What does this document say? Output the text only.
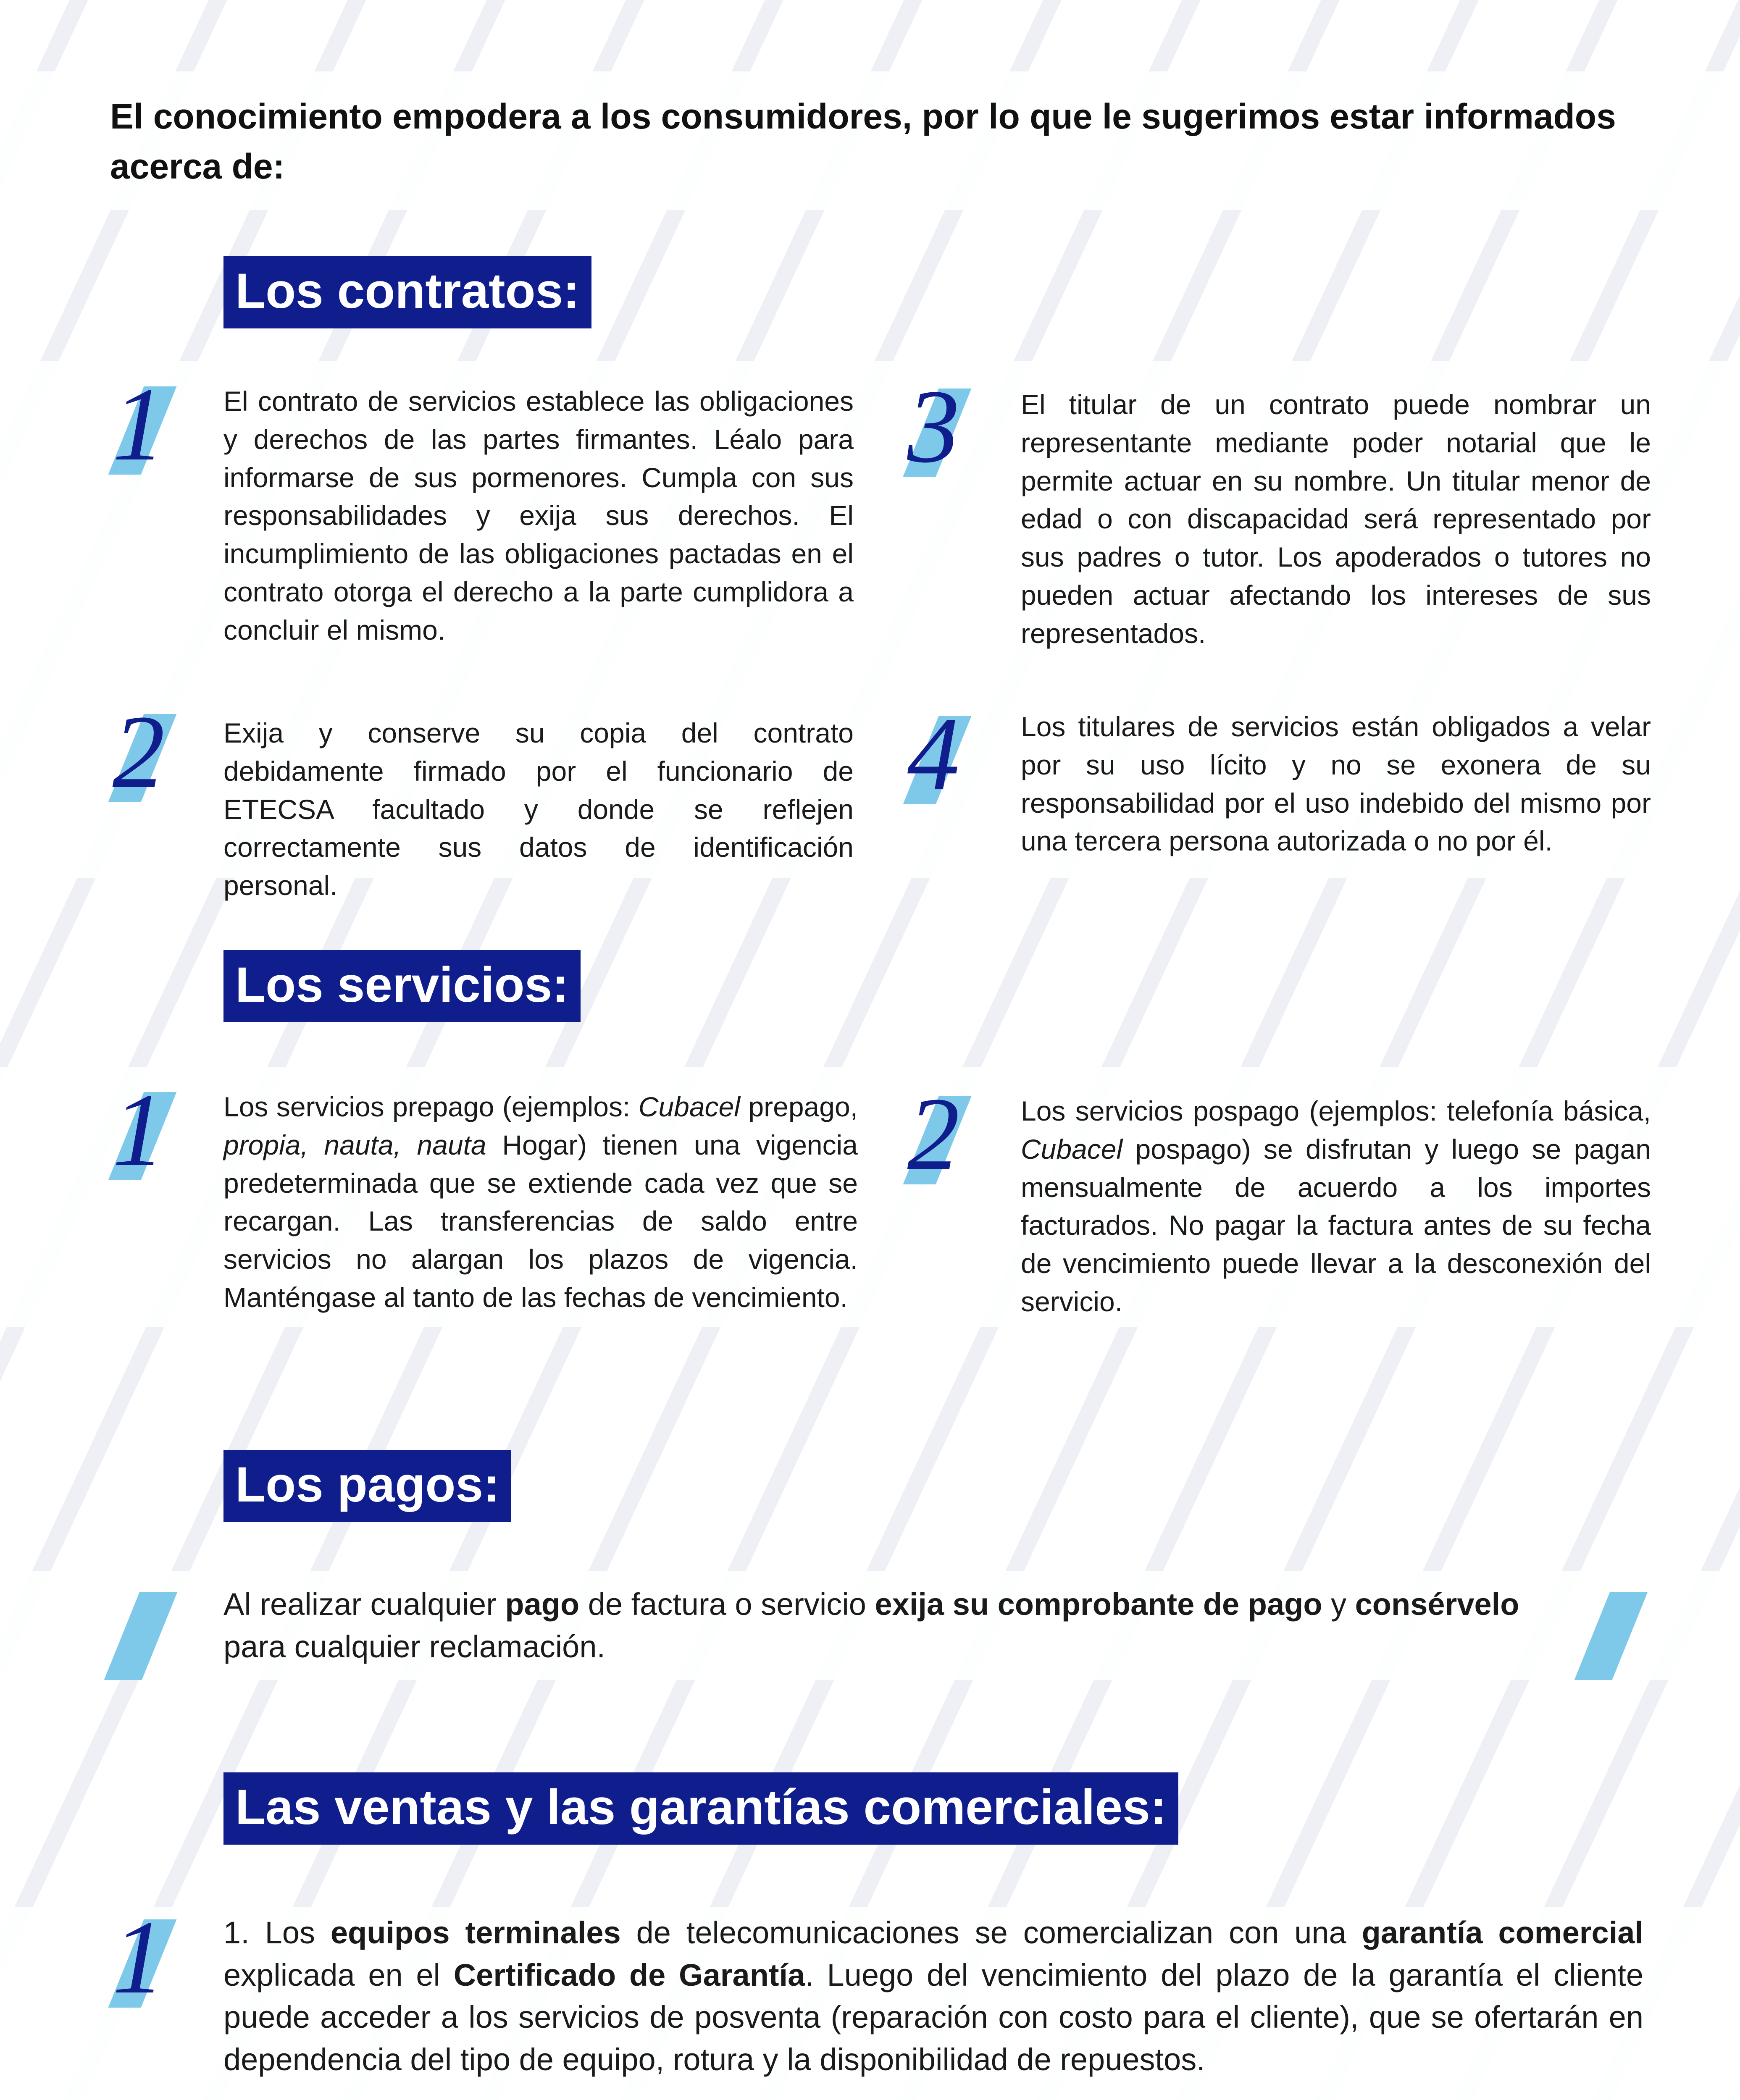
El conocimiento empodera a los consumidores, por lo que le sugerimos estar informados acerca de:

Los contratos:
1	El contrato de servicios establece las obligaciones y derechos de las partes firmantes. Léalo para informarse de sus pormenores. Cumpla con sus responsabilidades y exija sus derechos. El incumplimiento de las obligaciones pactadas en el contrato otorga el derecho a la parte cumplidora a concluir el mismo.

2	Exija y conserve su copia del contrato debidamente firmado por el funcionario de ETECSA facultado y donde se reflejen correctamente sus datos de identificación personal.

3	El titular de un contrato puede nombrar un representante mediante poder notarial que le permite actuar en su nombre. Un titular menor de edad o con discapacidad será representado por sus padres o tutor. Los apoderados o tutores no pueden actuar afectando los intereses de sus representados.

4	Los titulares de servicios están obligados a velar por su uso lícito y no se exonera de su responsabilidad por el uso indebido del mismo por una tercera persona autorizada o no por él.

Los servicios:
1	Los servicios prepago (ejemplos: Cubacel prepago, propia, nauta, nauta Hogar) tienen una vigencia predeterminada que se extiende cada vez que se recargan. Las transferencias de saldo entre servicios no alargan los plazos de vigencia. Manténgase al tanto de las fechas de vencimiento.

2	Los servicios pospago (ejemplos: telefonía básica, Cubacel pospago) se disfrutan y luego se pagan mensualmente de acuerdo a los importes facturados. No pagar la factura antes de su fecha de vencimiento puede llevar a la desconexión del servicio.

Los pagos:

Al realizar cualquier pago de factura o servicio exija su comprobante de pago y consérvelo para cualquier reclamación.

Las ventas y las garantías comerciales:
1	1. Los equipos terminales de telecomunicaciones se comercializan con una garantía comercial explicada en el Certificado de Garantía. Luego del vencimiento del plazo de la garantía el cliente puede acceder a los servicios de posventa (reparación con costo para el cliente), que se ofertarán en dependencia del tipo de equipo, rotura y la disponibilidad de repuestos.
